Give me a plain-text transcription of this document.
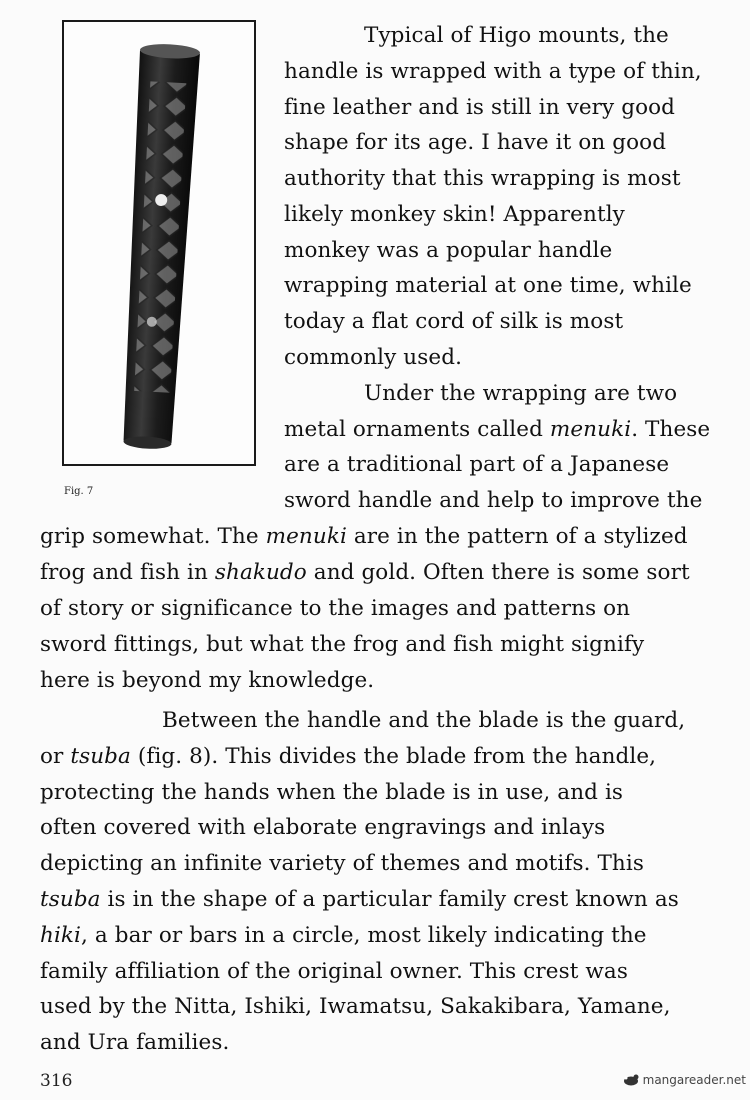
Fig. 7
Typical of Higo mounts, the
handle is wrapped with a type of thin,
fine leather and is still in very good
shape for its age. I have it on good
authority that this wrapping is most
likely monkey skin! Apparently
monkey was a popular handle
wrapping material at one time, while
today a flat cord of silk is most
commonly used.
Under the wrapping are two
metal ornaments called menuki. These
are a traditional part of a Japanese
sword handle and help to improve the
grip somewhat. The menuki are in the pattern of a stylized
frog and fish in shakudo and gold. Often there is some sort
of story or significance to the images and patterns on
sword fittings, but what the frog and fish might signify
here is beyond my knowledge.
Between the handle and the blade is the guard,
or tsuba (fig. 8). This divides the blade from the handle,
protecting the hands when the blade is in use, and is
often covered with elaborate engravings and inlays
depicting an infinite variety of themes and motifs. This
tsuba is in the shape of a particular family crest known as
hiki, a bar or bars in a circle, most likely indicating the
family affiliation of the original owner. This crest was
used by the Nitta, Ishiki, Iwamatsu, Sakakibara, Yamane,
and Ura families.
316	mangareader.net
